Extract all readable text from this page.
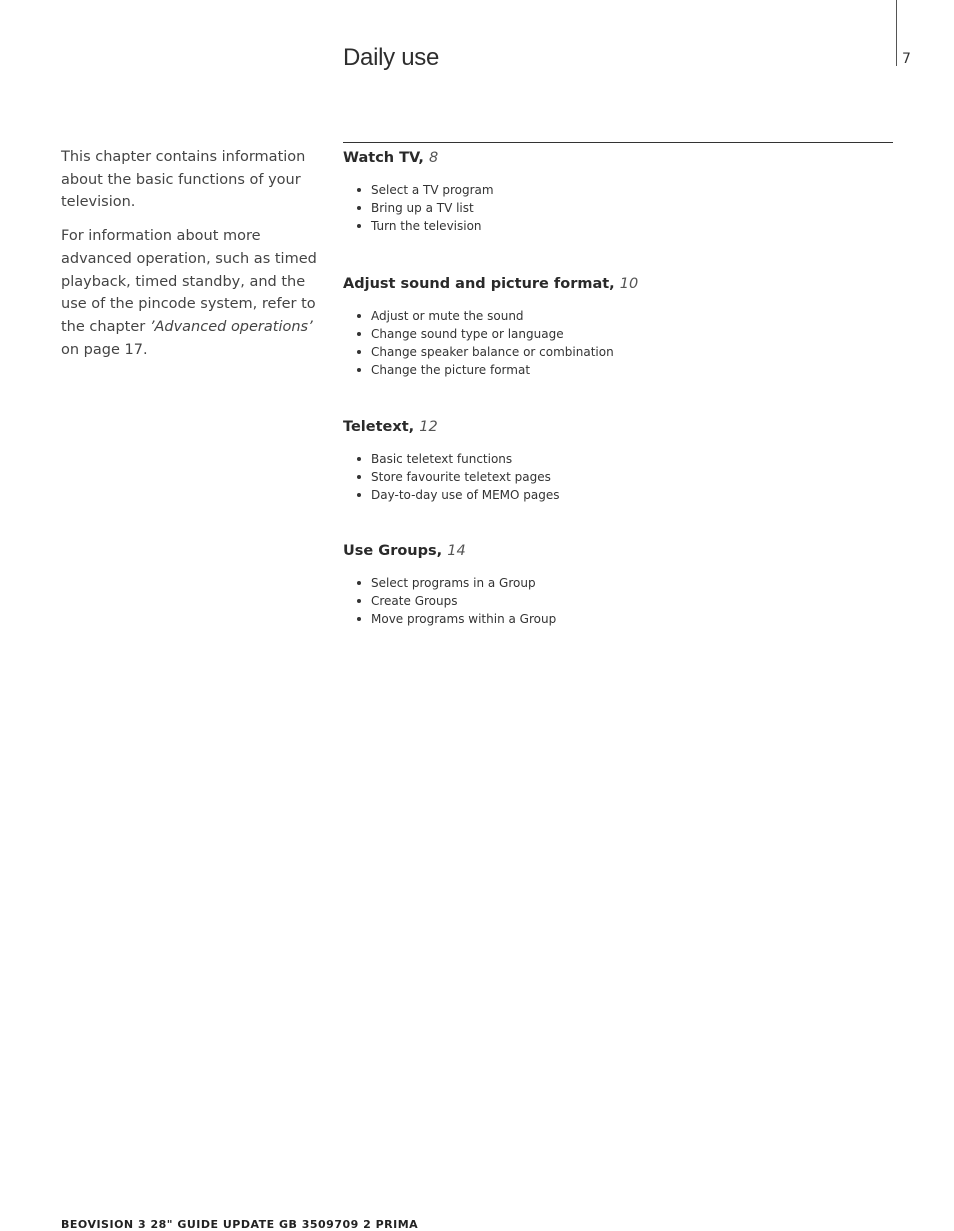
7
Daily use

This chapter contains information about the basic functions of your television.

For information about more advanced operation, such as timed playback, timed standby, and the use of the pincode system, refer to the chapter ’Advanced operations’ on page 17.

Watch TV, 8
Select a TV program
Bring up a TV list
Turn the television
Adjust sound and picture format, 10
Adjust or mute the sound
Change sound type or language
Change speaker balance or combination
Change the picture format
Teletext, 12
Basic teletext functions
Store favourite teletext pages
Day-to-day use of MEMO pages
Use Groups, 14
Select programs in a Group
Create Groups
Move programs within a Group
BEOVISION 3 28" GUIDE UPDATE GB 3509709 2 PRIMA
